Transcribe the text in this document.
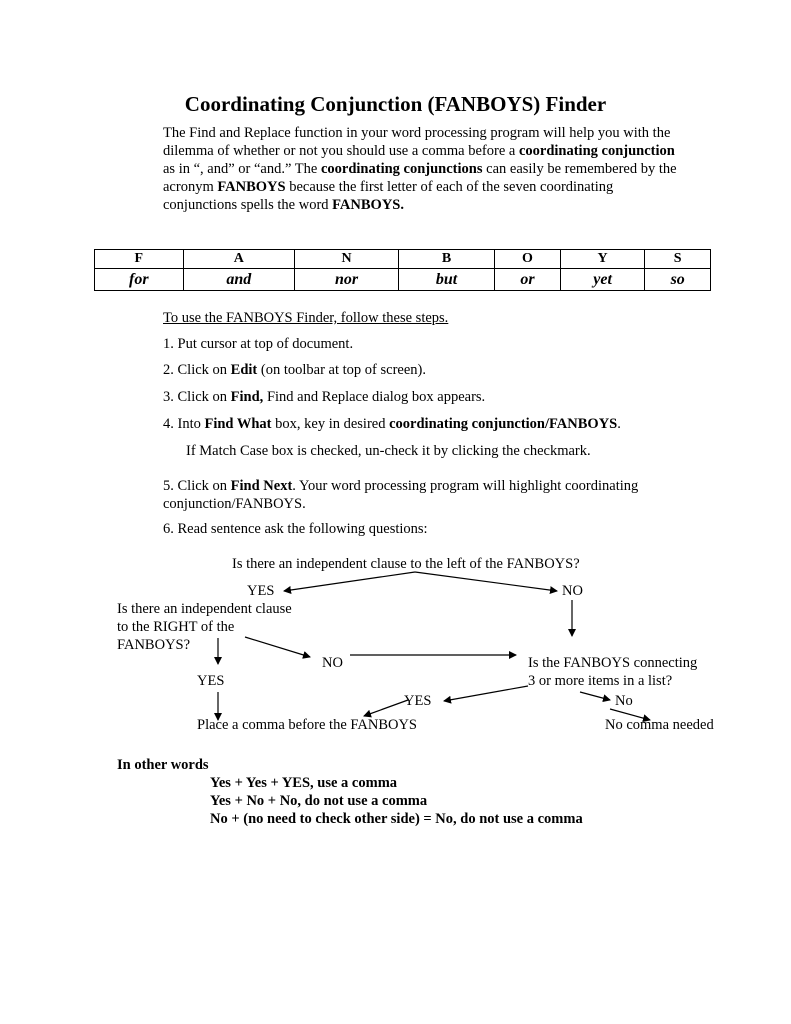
Coordinating Conjunction (FANBOYS) Finder

The Find and Replace function in your word processing program will help you with the dilemma of whether or not you should use a comma before a coordinating conjunction as in “, and” or “and.” The coordinating conjunctions can easily be remembered by the acronym FANBOYS because the first letter of each of the seven coordinating conjunctions spells the word FANBOYS.

F	A	N	B	O	Y	S
for	and	nor	but	or	yet	so

To use the FANBOYS Finder, follow these steps.

1. Put cursor at top of document.

2. Click on Edit (on toolbar at top of screen).

3. Click on Find, Find and Replace dialog box appears.

4. Into Find What box, key in desired coordinating conjunction/FANBOYS.

If Match Case box is checked, un-check it by clicking the checkmark.

5. Click on Find Next. Your word processing program will highlight coordinating conjunction/FANBOYS.

6. Read sentence ask the following questions:

Is there an independent clause to the left of the FANBOYS?
YES	NO
Is there an independent clause
to the RIGHT of the
FANBOYS?
NO	Is the FANBOYS connecting
3 or more items in a list?
YES
YES	No
Place a comma before the FANBOYS	No comma needed
In other words
Yes + Yes + YES, use a comma
Yes + No + No, do not use a comma
No + (no need to check other side) = No, do not use a comma
